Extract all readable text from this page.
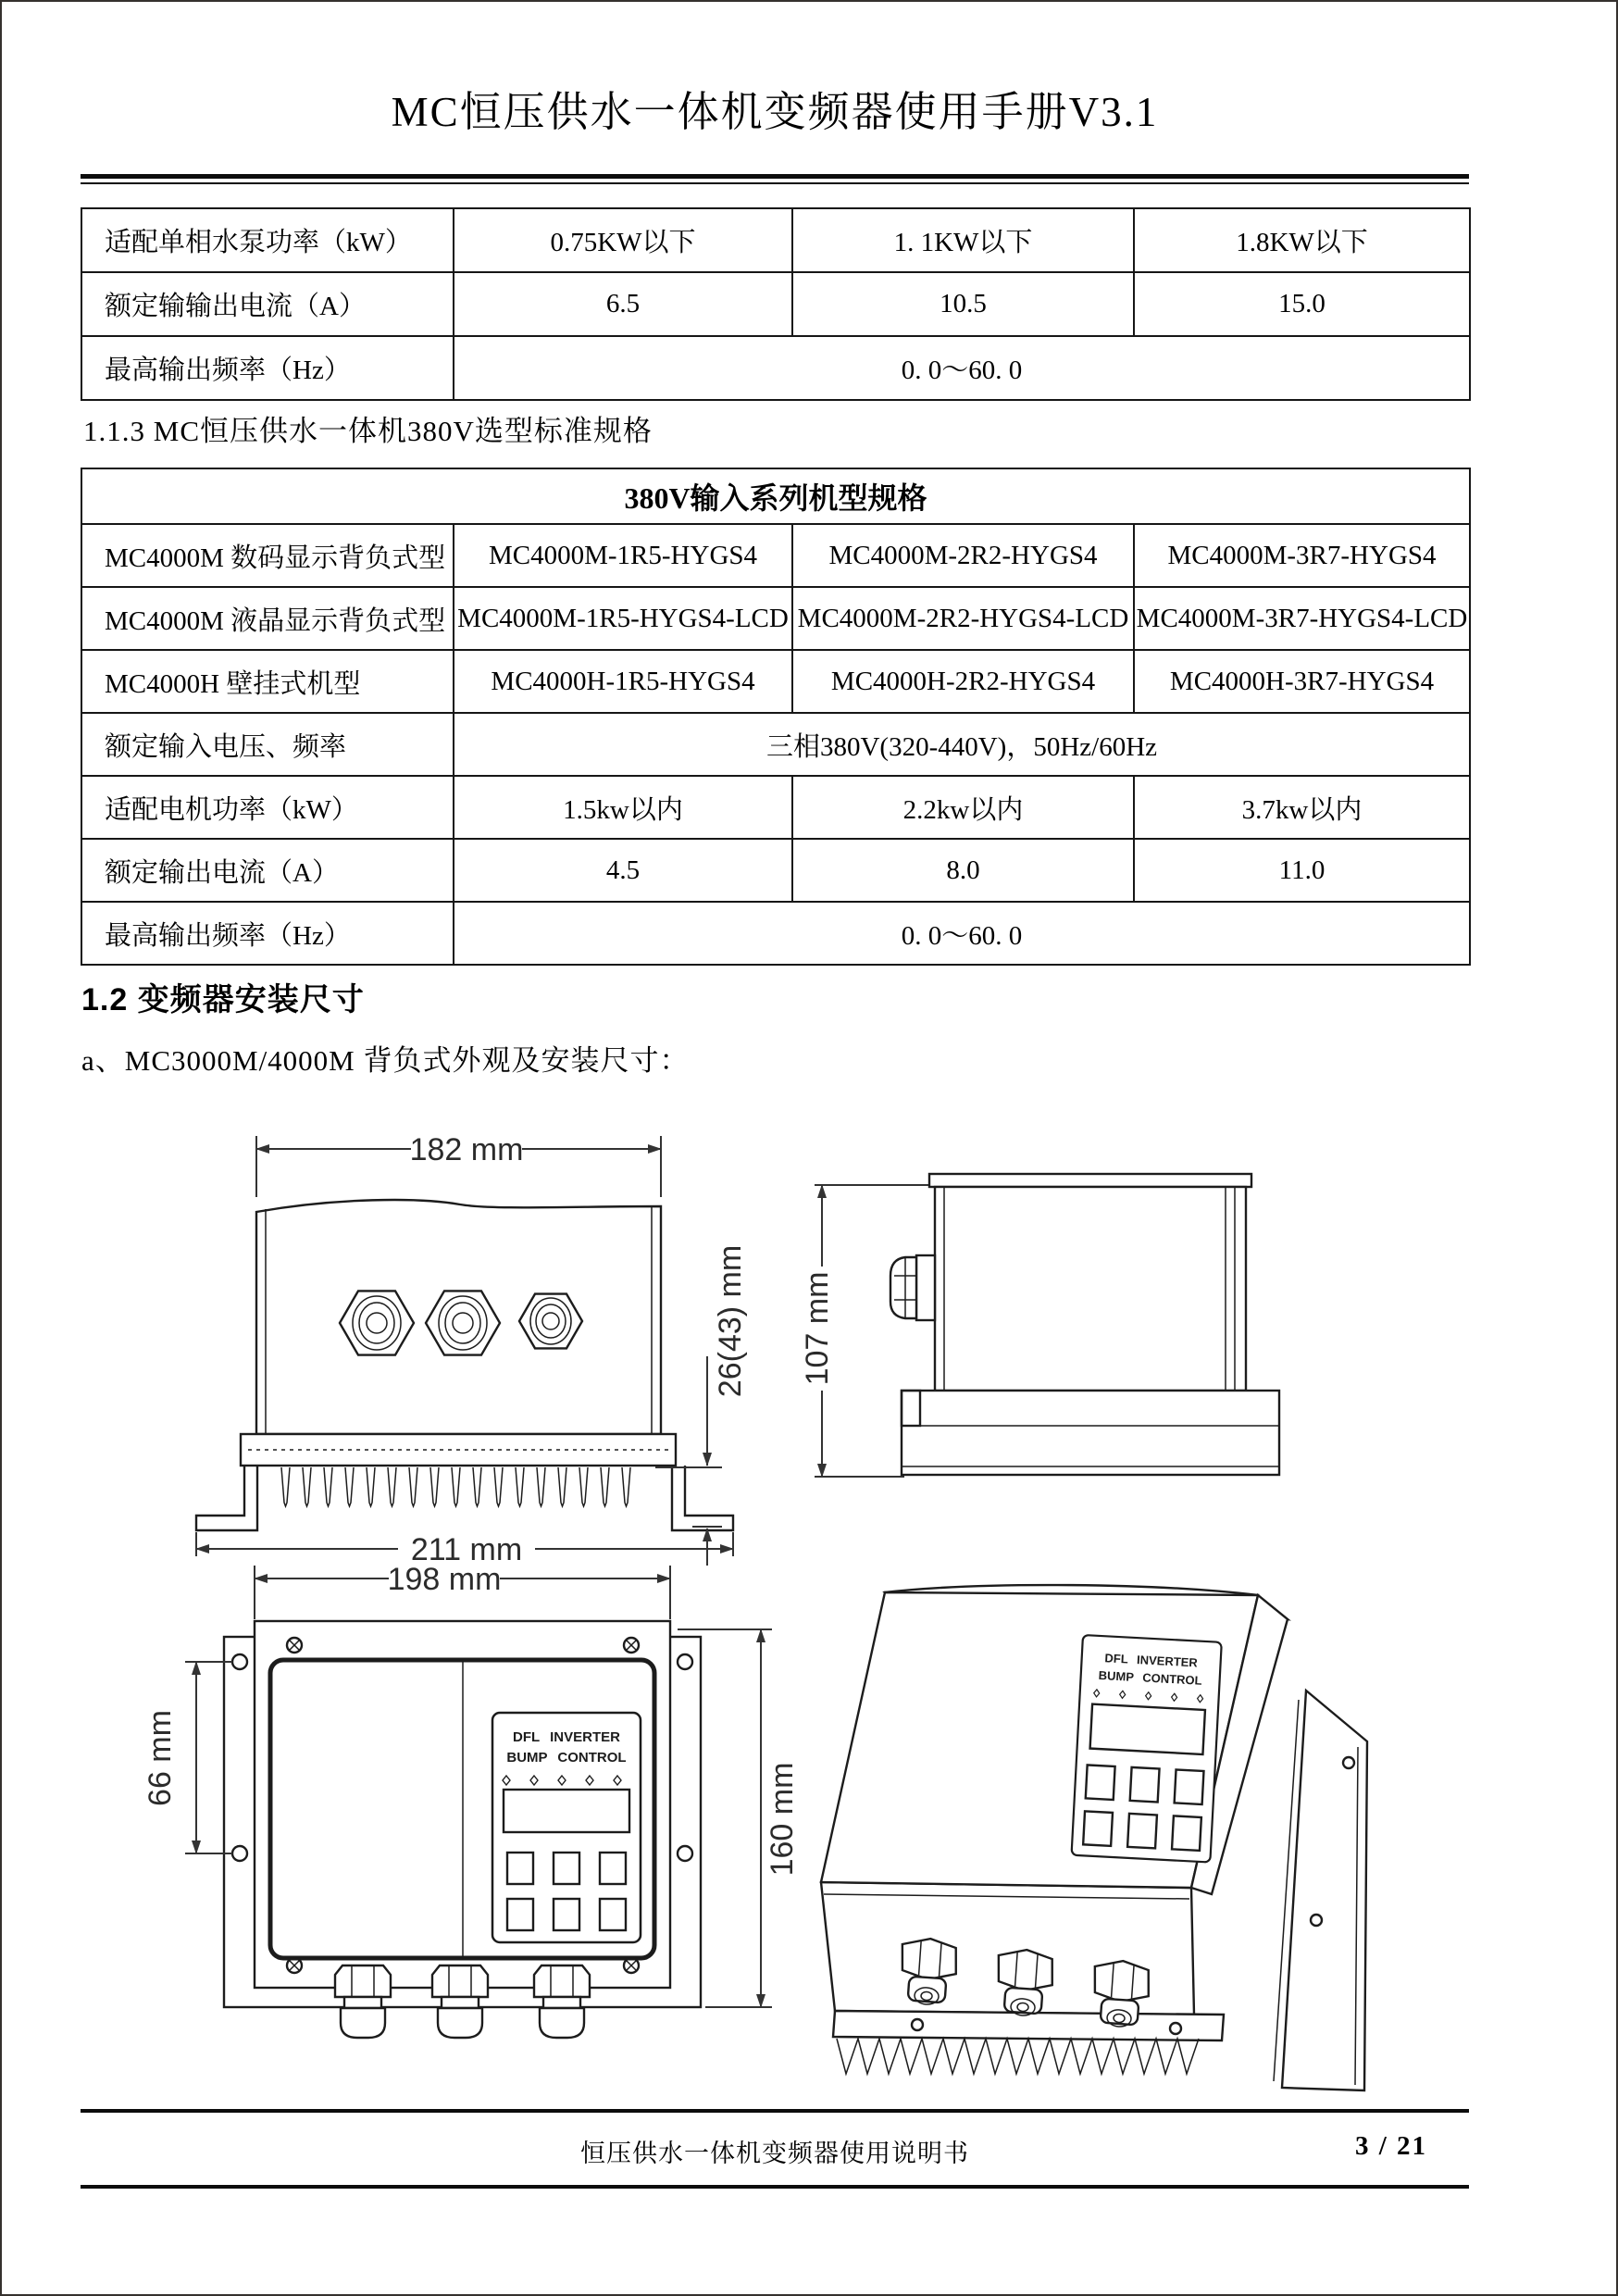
MC恒压供水一体机变频器使用手册V3.1
适配单相水泵功率（kW）	0.75KW以下	1. 1KW以下	1.8KW以下
额定输输出电流（A）	6.5	10.5	15.0
最高输出频率（Hz）	0. 0～60. 0		
1.1.3 MC恒压供水一体机380V选型标准规格
380V输入系列机型规格			
MC4000M 数码显示背负式型	MC4000M-1R5-HYGS4	MC4000M-2R2-HYGS4	MC4000M-3R7-HYGS4
MC4000M 液晶显示背负式型	MC4000M-1R5-HYGS4-LCD	MC4000M-2R2-HYGS4-LCD	MC4000M-3R7-HYGS4-LCD
MC4000H 壁挂式机型	MC4000H-1R5-HYGS4	MC4000H-2R2-HYGS4	MC4000H-3R7-HYGS4
额定输入电压、频率	三相380V(320-440V)，50Hz/60Hz		
适配电机功率（kW）	1.5kw以内	2.2kw以内	3.7kw以内
额定输出电流（A）	4.5	8.0	11.0
最高输出频率（Hz）	0. 0～60. 0		
1.2 变频器安装尺寸
a、MC3000M/4000M 背负式外观及安装尺寸：
182 mm
26(43) mm
211 mm
107 mm
198 mm
DFL INVERTER
BUMP CONTROL
66 mm
160 mm
DFL INVERTER
BUMP CONTROL
恒压供水一体机变频器使用说明书	3 / 21
